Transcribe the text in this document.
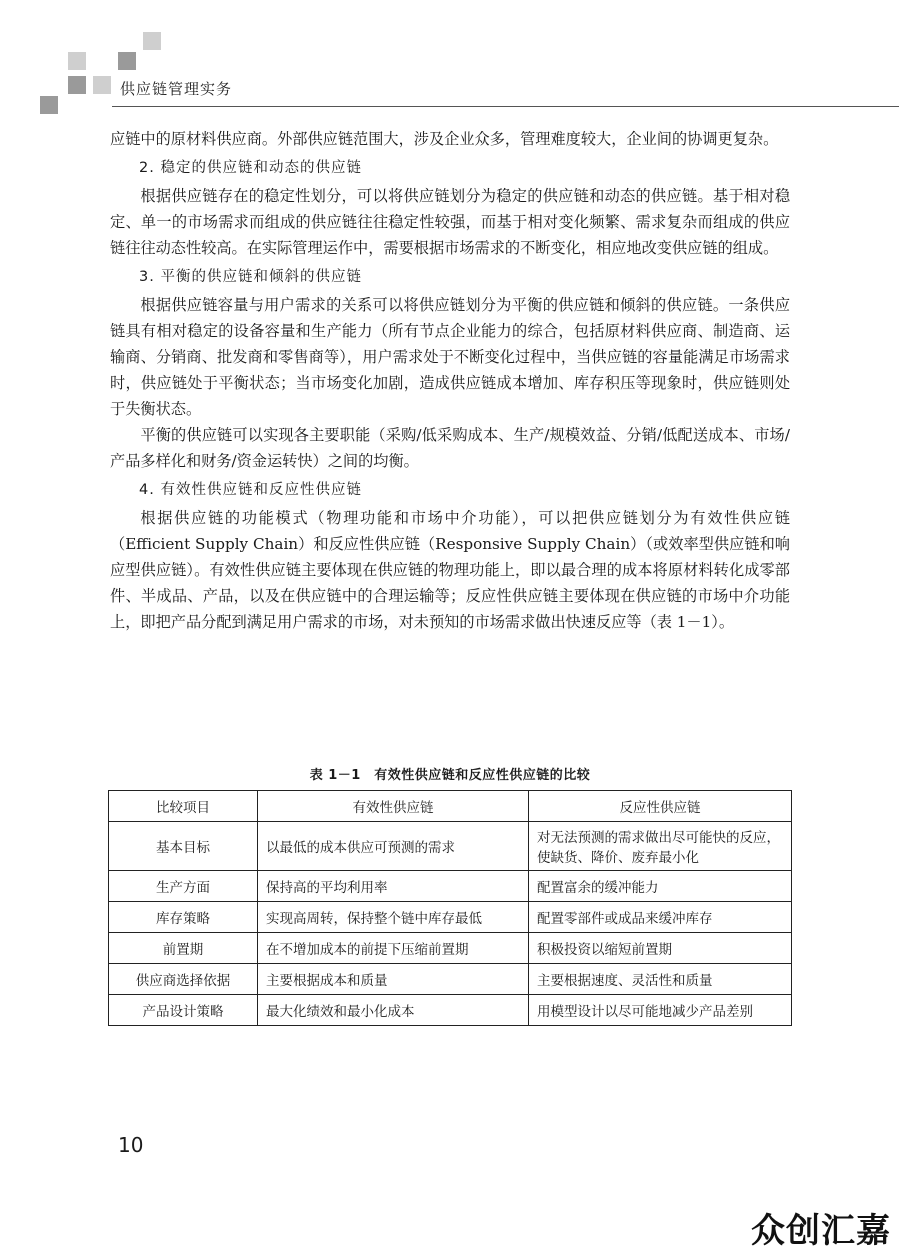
供应链管理实务

应链中的原材料供应商。外部供应链范围大，涉及企业众多，管理难度较大，企业间的协调更复杂。

2. 稳定的供应链和动态的供应链

根据供应链存在的稳定性划分，可以将供应链划分为稳定的供应链和动态的供应链。基于相对稳定、单一的市场需求而组成的供应链往往稳定性较强，而基于相对变化频繁、需求复杂而组成的供应链往往动态性较高。在实际管理运作中，需要根据市场需求的不断变化，相应地改变供应链的组成。

3. 平衡的供应链和倾斜的供应链

根据供应链容量与用户需求的关系可以将供应链划分为平衡的供应链和倾斜的供应链。一条供应链具有相对稳定的设备容量和生产能力（所有节点企业能力的综合，包括原材料供应商、制造商、运输商、分销商、批发商和零售商等），用户需求处于不断变化过程中，当供应链的容量能满足市场需求时，供应链处于平衡状态；当市场变化加剧，造成供应链成本增加、库存积压等现象时，供应链则处于失衡状态。

平衡的供应链可以实现各主要职能（采购/低采购成本、生产/规模效益、分销/低配送成本、市场/产品多样化和财务/资金运转快）之间的均衡。

4. 有效性供应链和反应性供应链

根据供应链的功能模式（物理功能和市场中介功能），可以把供应链划分为有效性供应链（Efficient Supply Chain）和反应性供应链（Responsive Supply Chain）（或效率型供应链和响应型供应链）。有效性供应链主要体现在供应链的物理功能上，即以最合理的成本将原材料转化成零部件、半成品、产品，以及在供应链中的合理运输等；反应性供应链主要体现在供应链的市场中介功能上，即把产品分配到满足用户需求的市场，对未预知的市场需求做出快速反应等（表 1－1）。

表 1－1　有效性供应链和反应性供应链的比较
比较项目	有效性供应链	反应性供应链
基本目标	以最低的成本供应可预测的需求	对无法预测的需求做出尽可能快的反应，使缺货、降价、废弃最小化
生产方面	保持高的平均利用率	配置富余的缓冲能力
库存策略	实现高周转，保持整个链中库存最低	配置零部件或成品来缓冲库存
前置期	在不增加成本的前提下压缩前置期	积极投资以缩短前置期
供应商选择依据	主要根据成本和质量	主要根据速度、灵活性和质量
产品设计策略	最大化绩效和最小化成本	用模型设计以尽可能地减少产品差别
10
众创汇嘉
